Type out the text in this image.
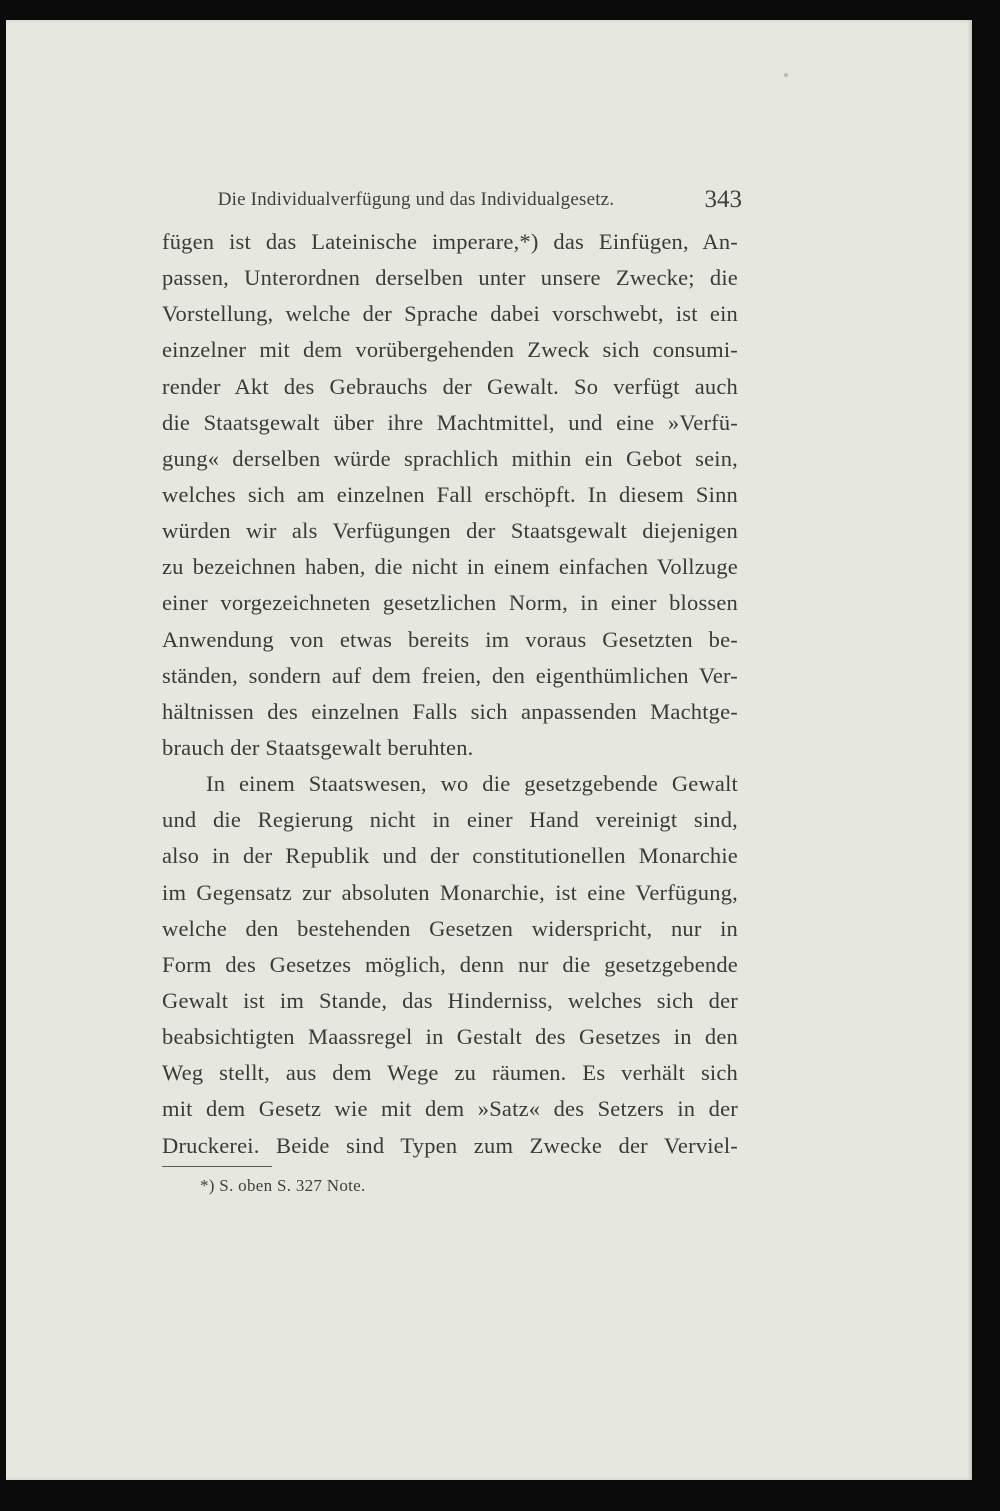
Die Individualverfügung und das Individualgesetz.	343
fügen ist das Lateinische imperare,*) das Einfügen, An-
passen, Unterordnen derselben unter unsere Zwecke; die
Vorstellung, welche der Sprache dabei vorschwebt, ist ein
einzelner mit dem vorübergehenden Zweck sich consumi-
render Akt des Gebrauchs der Gewalt. So verfügt auch
die Staatsgewalt über ihre Machtmittel, und eine »Verfü-
gung« derselben würde sprachlich mithin ein Gebot sein,
welches sich am einzelnen Fall erschöpft. In diesem Sinn
würden wir als Verfügungen der Staatsgewalt diejenigen
zu bezeichnen haben, die nicht in einem einfachen Vollzuge
einer vorgezeichneten gesetzlichen Norm, in einer blossen
Anwendung von etwas bereits im voraus Gesetzten be-
ständen, sondern auf dem freien, den eigenthümlichen Ver-
hältnissen des einzelnen Falls sich anpassenden Machtge-
brauch der Staatsgewalt beruhten.
In einem Staatswesen, wo die gesetzgebende Gewalt
und die Regierung nicht in einer Hand vereinigt sind,
also in der Republik und der constitutionellen Monarchie
im Gegensatz zur absoluten Monarchie, ist eine Verfügung,
welche den bestehenden Gesetzen widerspricht, nur in
Form des Gesetzes möglich, denn nur die gesetzgebende
Gewalt ist im Stande, das Hinderniss, welches sich der
beabsichtigten Maassregel in Gestalt des Gesetzes in den
Weg stellt, aus dem Wege zu räumen. Es verhält sich
mit dem Gesetz wie mit dem »Satz« des Setzers in der
Druckerei. Beide sind Typen zum Zwecke der Verviel-
*) S. oben S. 327 Note.
